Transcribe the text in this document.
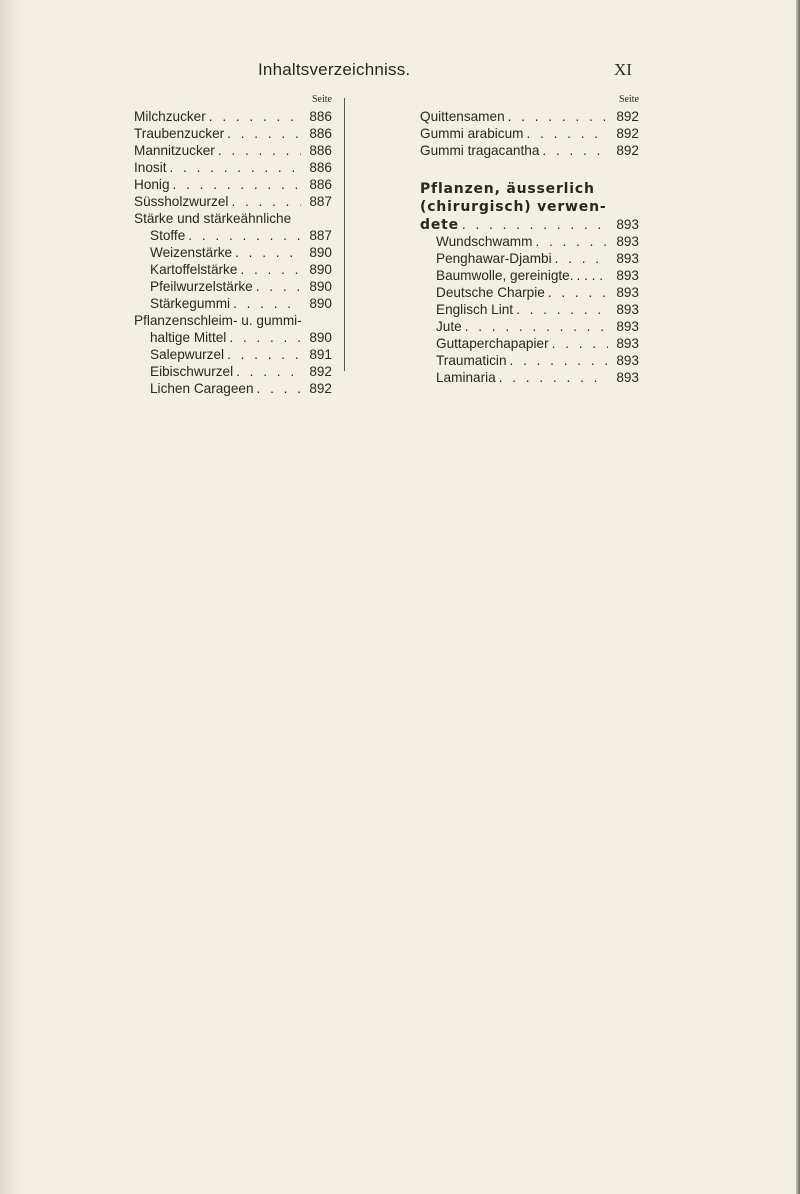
Inhaltsverzeichniss.	XI
Seite
Milchzucker . . .	886
Traubenzucker . . .	886
Mannitzucker . . .	886
Inosit . . .	886
Honig . . .	886
Süssholzwurzel . . .	887
Stärke und stärkeähnliche
Stoffe . . .	887
Weizenstärke . . .	890
Kartoffelstärke . . .	890
Pfeilwurzelstärke . . .	890
Stärkegummi . . .	890
Pflanzenschleim- u. gummi-
haltige Mittel . . .	890
Salepwurzel . . .	891
Eibischwurzel . . .	892
Lichen Carageen . . .	892
Seite
Quittensamen . . .	892
Gummi arabicum . . .	892
Gummi tragacantha . . .	892
Pflanzen, äusserlich
(chirurgisch) verwen-
dete . . .	893
Wundschwamm . . .	893
Penghawar-Djambi . . .	893
Baumwolle, gereinigte. . . .	893
Deutsche Charpie . . .	893
Englisch Lint . . .	893
Jute . . .	893
Guttaperchapapier . . .	893
Traumaticin . . .	893
Laminaria . . .	893
